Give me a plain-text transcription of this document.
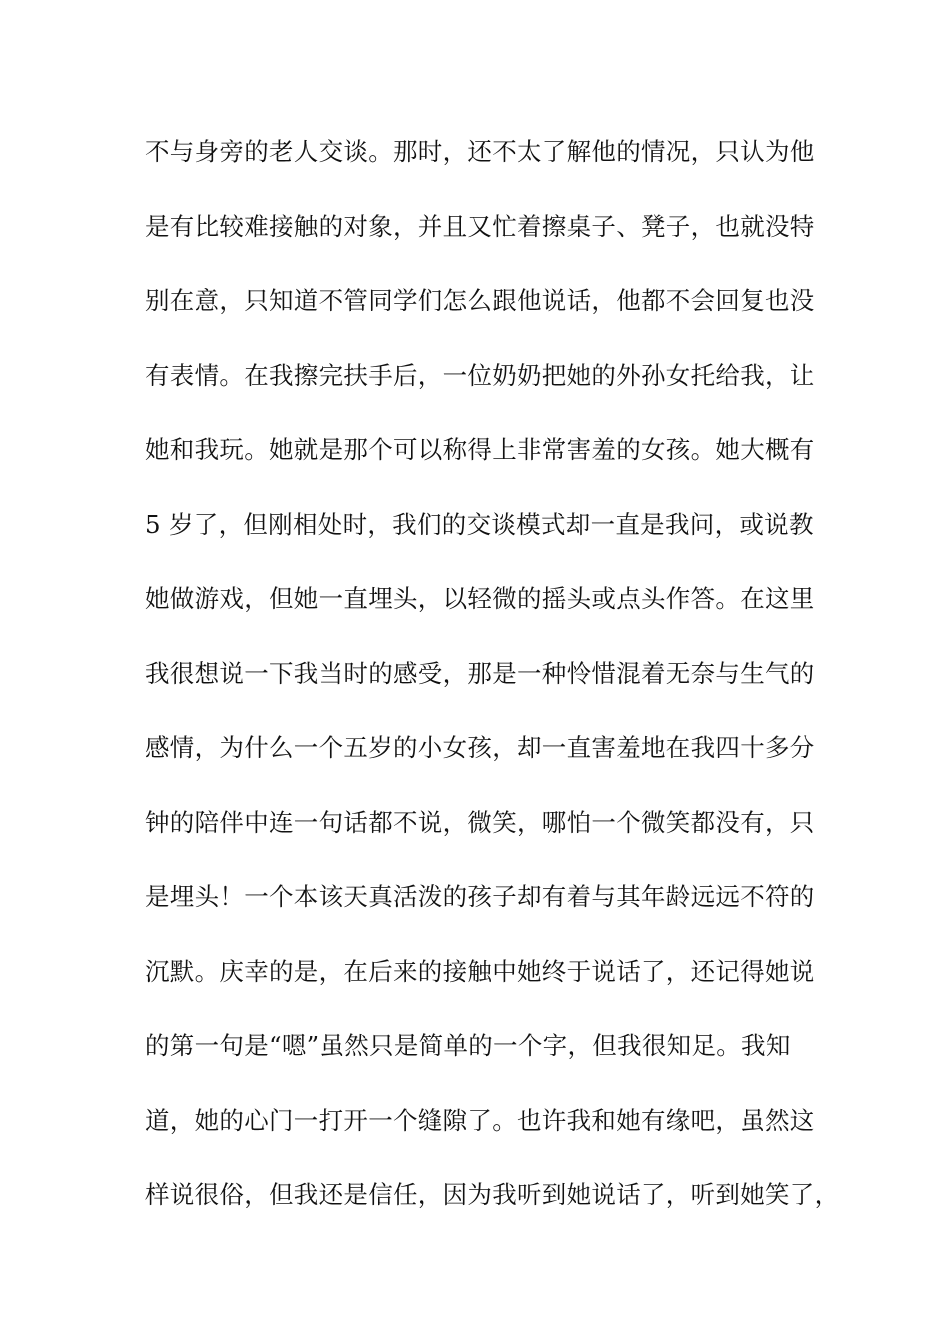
不与身旁的老人交谈。那时，还不太了解他的情况，只认为他
是有比较难接触的对象，并且又忙着擦桌子、凳子，也就没特
别在意，只知道不管同学们怎么跟他说话，他都不会回复也没
有表情。在我擦完扶手后，一位奶奶把她的外孙女托给我，让
她和我玩。她就是那个可以称得上非常害羞的女孩。她大概有
5 岁了，但刚相处时，我们的交谈模式却一直是我问，或说教
她做游戏，但她一直埋头，以轻微的摇头或点头作答。在这里
我很想说一下我当时的感受，那是一种怜惜混着无奈与生气的
感情，为什么一个五岁的小女孩，却一直害羞地在我四十多分
钟的陪伴中连一句话都不说，微笑，哪怕一个微笑都没有，只
是埋头！一个本该天真活泼的孩子却有着与其年龄远远不符的
沉默。庆幸的是，在后来的接触中她终于说话了，还记得她说
的第一句是“嗯”虽然只是简单的一个字，但我很知足。我知
道，她的心门一打开一个缝隙了。也许我和她有缘吧，虽然这
样说很俗，但我还是信任，因为我听到她说话了，听到她笑了，
